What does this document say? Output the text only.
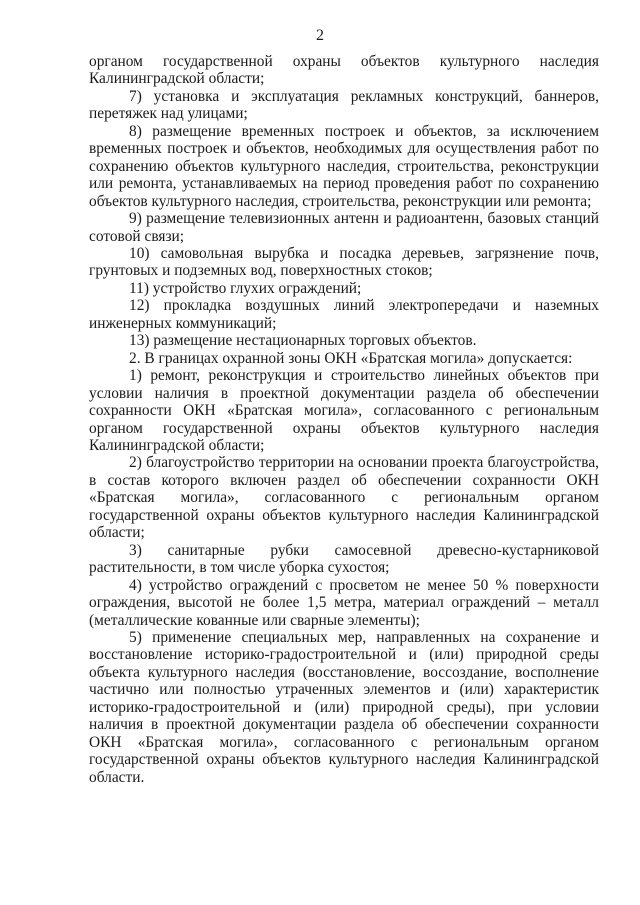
2

органом государственной охраны объектов культурного наследия Калининградской области;

7) установка и эксплуатация рекламных конструкций, баннеров, перетяжек над улицами;

8) размещение временных построек и объектов, за исключением временных построек и объектов, необходимых для осуществления работ по сохранению объектов культурного наследия, строительства, реконструкции или ремонта, устанавливаемых на период проведения работ по сохранению объектов культурного наследия, строительства, реконструкции или ремонта;

9) размещение телевизионных антенн и радиоантенн, базовых станций сотовой связи;

10) самовольная вырубка и посадка деревьев, загрязнение почв, грунтовых и подземных вод, поверхностных стоков;

11) устройство глухих ограждений;

12) прокладка воздушных линий электропередачи и наземных инженерных коммуникаций;

13) размещение нестационарных торговых объектов.

2. В границах охранной зоны ОКН «Братская могила» допускается:

1) ремонт, реконструкция и строительство линейных объектов при условии наличия в проектной документации раздела об обеспечении сохранности ОКН «Братская могила», согласованного с региональным органом государственной охраны объектов культурного наследия Калининградской области;

2) благоустройство территории на основании проекта благоустройства, в состав которого включен раздел об обеспечении сохранности ОКН «Братская могила», согласованного с региональным органом государственной охраны объектов культурного наследия Калининградской области;

3) санитарные рубки самосевной древесно-кустарниковой растительности, в том числе уборка сухостоя;

4) устройство ограждений с просветом не менее 50 % поверхности ограждения, высотой не более 1,5 метра, материал ограждений – металл (металлические кованные или сварные элементы);

5) применение специальных мер, направленных на сохранение и восстановление историко-градостроительной и (или) природной среды объекта культурного наследия (восстановление, воссоздание, восполнение частично или полностью утраченных элементов и (или) характеристик историко-градостроительной и (или) природной среды), при условии наличия в проектной документации раздела об обеспечении сохранности ОКН «Братская могила», согласованного с региональным органом государственной охраны объектов культурного наследия Калининградской области.
